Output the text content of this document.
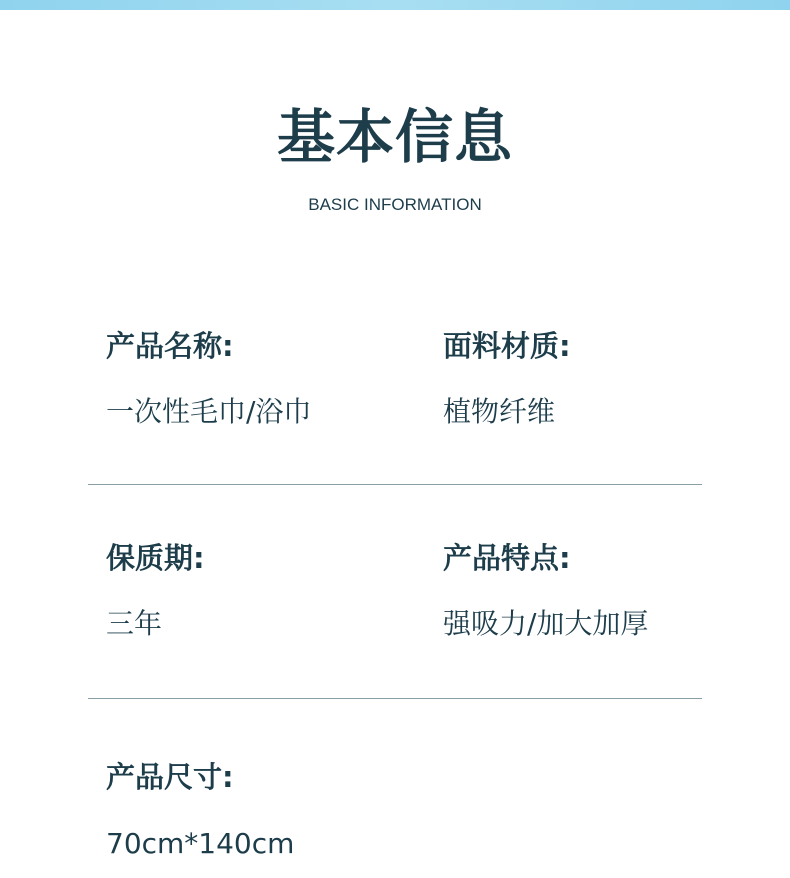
基本信息
BASIC INFORMATION
产品名称:
一次性毛巾/浴巾
面料材质:
植物纤维
保质期:
三年
产品特点:
强吸力/加大加厚
产品尺寸:
70cm*140cm
